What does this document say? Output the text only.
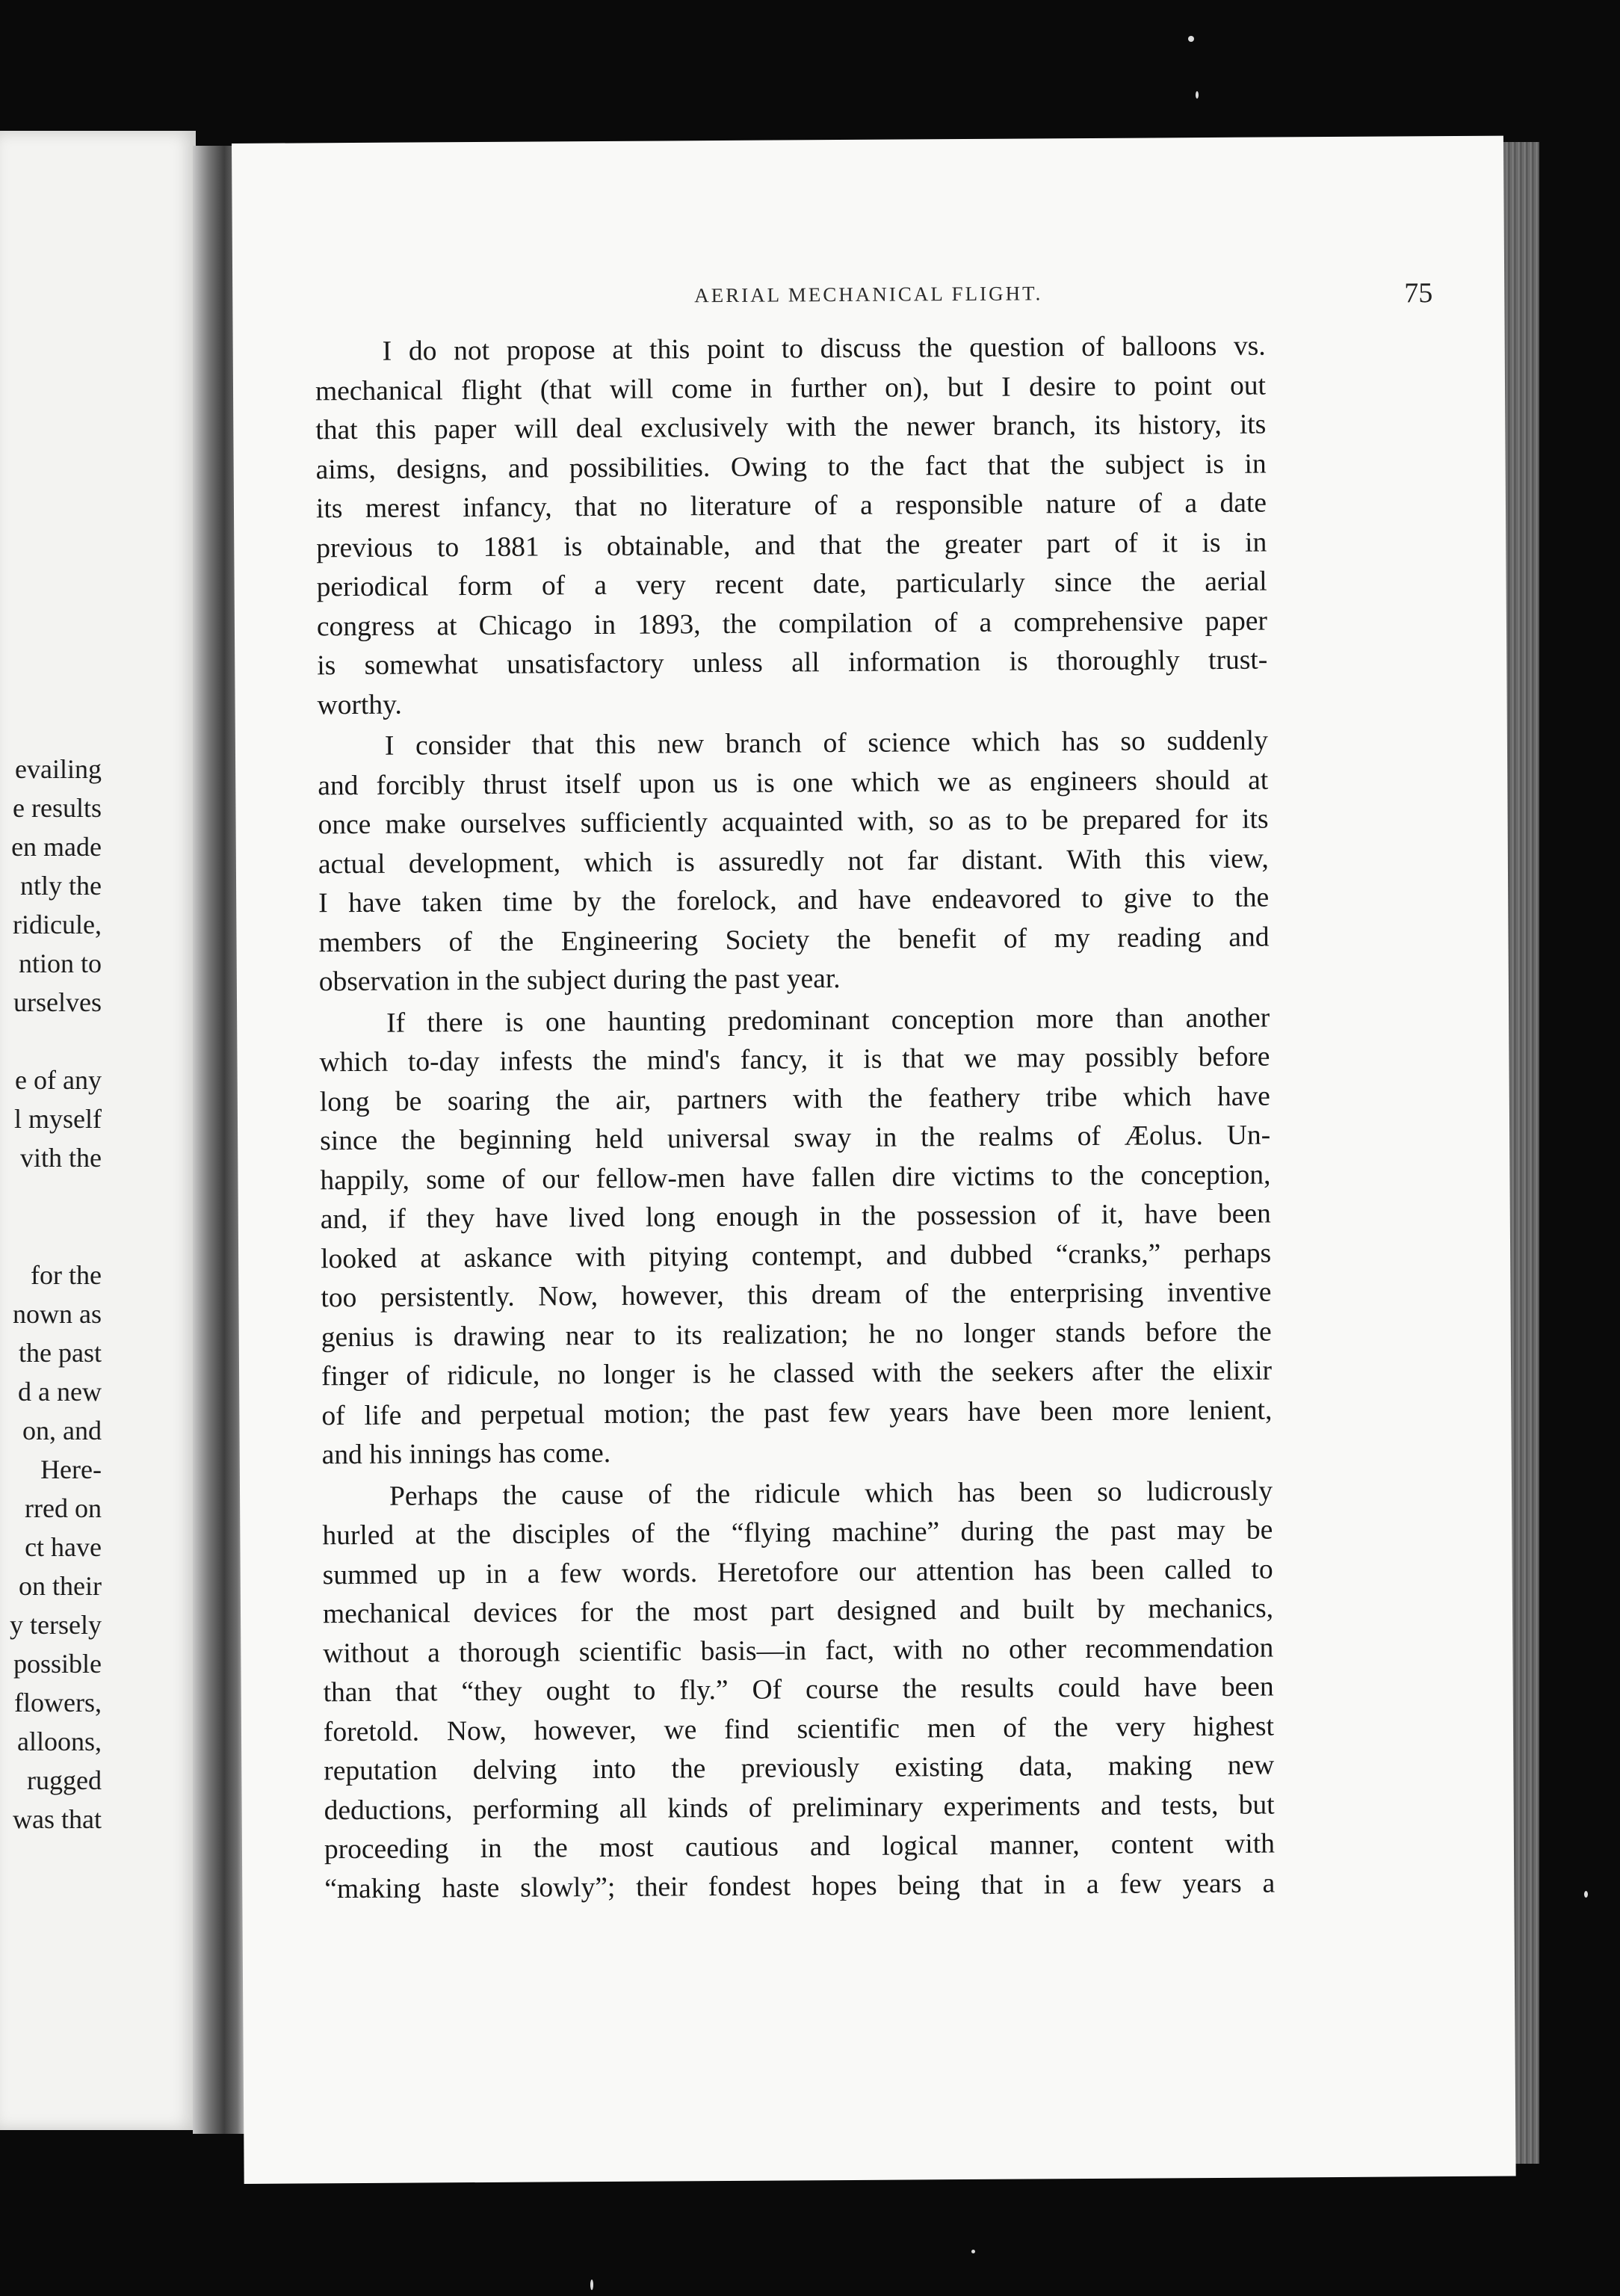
evailing
e results
en made
ntly the
ridicule,
ntion to
urselves
e of any
l myself
vith the
for the
nown as
the past
d a new
on, and
Here-
rred on
ct have
on their
y tersely
possible
flowers,
alloons,
rugged
was that
AERIAL MECHANICAL FLIGHT.	75
I do not propose at this point to discuss the question of balloons vs.
mechanical flight (that will come in further on), but I desire to point out
that this paper will deal exclusively with the newer branch, its history, its
aims, designs, and possibilities. Owing to the fact that the subject is in
its merest infancy, that no literature of a responsible nature of a date
previous to 1881 is obtainable, and that the greater part of it is in
periodical form of a very recent date, particularly since the aerial
congress at Chicago in 1893, the compilation of a comprehensive paper
is somewhat unsatisfactory unless all information is thoroughly trust-
worthy.
I consider that this new branch of science which has so suddenly
and forcibly thrust itself upon us is one which we as engineers should at
once make ourselves sufficiently acquainted with, so as to be prepared for its
actual development, which is assuredly not far distant. With this view,
I have taken time by the forelock, and have endeavored to give to the
members of the Engineering Society the benefit of my reading and
observation in the subject during the past year.
If there is one haunting predominant conception more than another
which to-day infests the mind's fancy, it is that we may possibly before
long be soaring the air, partners with the feathery tribe which have
since the beginning held universal sway in the realms of Æolus. Un-
happily, some of our fellow-men have fallen dire victims to the conception,
and, if they have lived long enough in the possession of it, have been
looked at askance with pitying contempt, and dubbed “cranks,” perhaps
too persistently. Now, however, this dream of the enterprising inventive
genius is drawing near to its realization; he no longer stands before the
finger of ridicule, no longer is he classed with the seekers after the elixir
of life and perpetual motion; the past few years have been more lenient,
and his innings has come.
Perhaps the cause of the ridicule which has been so ludicrously
hurled at the disciples of the “flying machine” during the past may be
summed up in a few words. Heretofore our attention has been called to
mechanical devices for the most part designed and built by mechanics,
without a thorough scientific basis—in fact, with no other recommendation
than that “they ought to fly.” Of course the results could have been
foretold. Now, however, we find scientific men of the very highest
reputation delving into the previously existing data, making new
deductions, performing all kinds of preliminary experiments and tests, but
proceeding in the most cautious and logical manner, content with
“making haste slowly”; their fondest hopes being that in a few years a
